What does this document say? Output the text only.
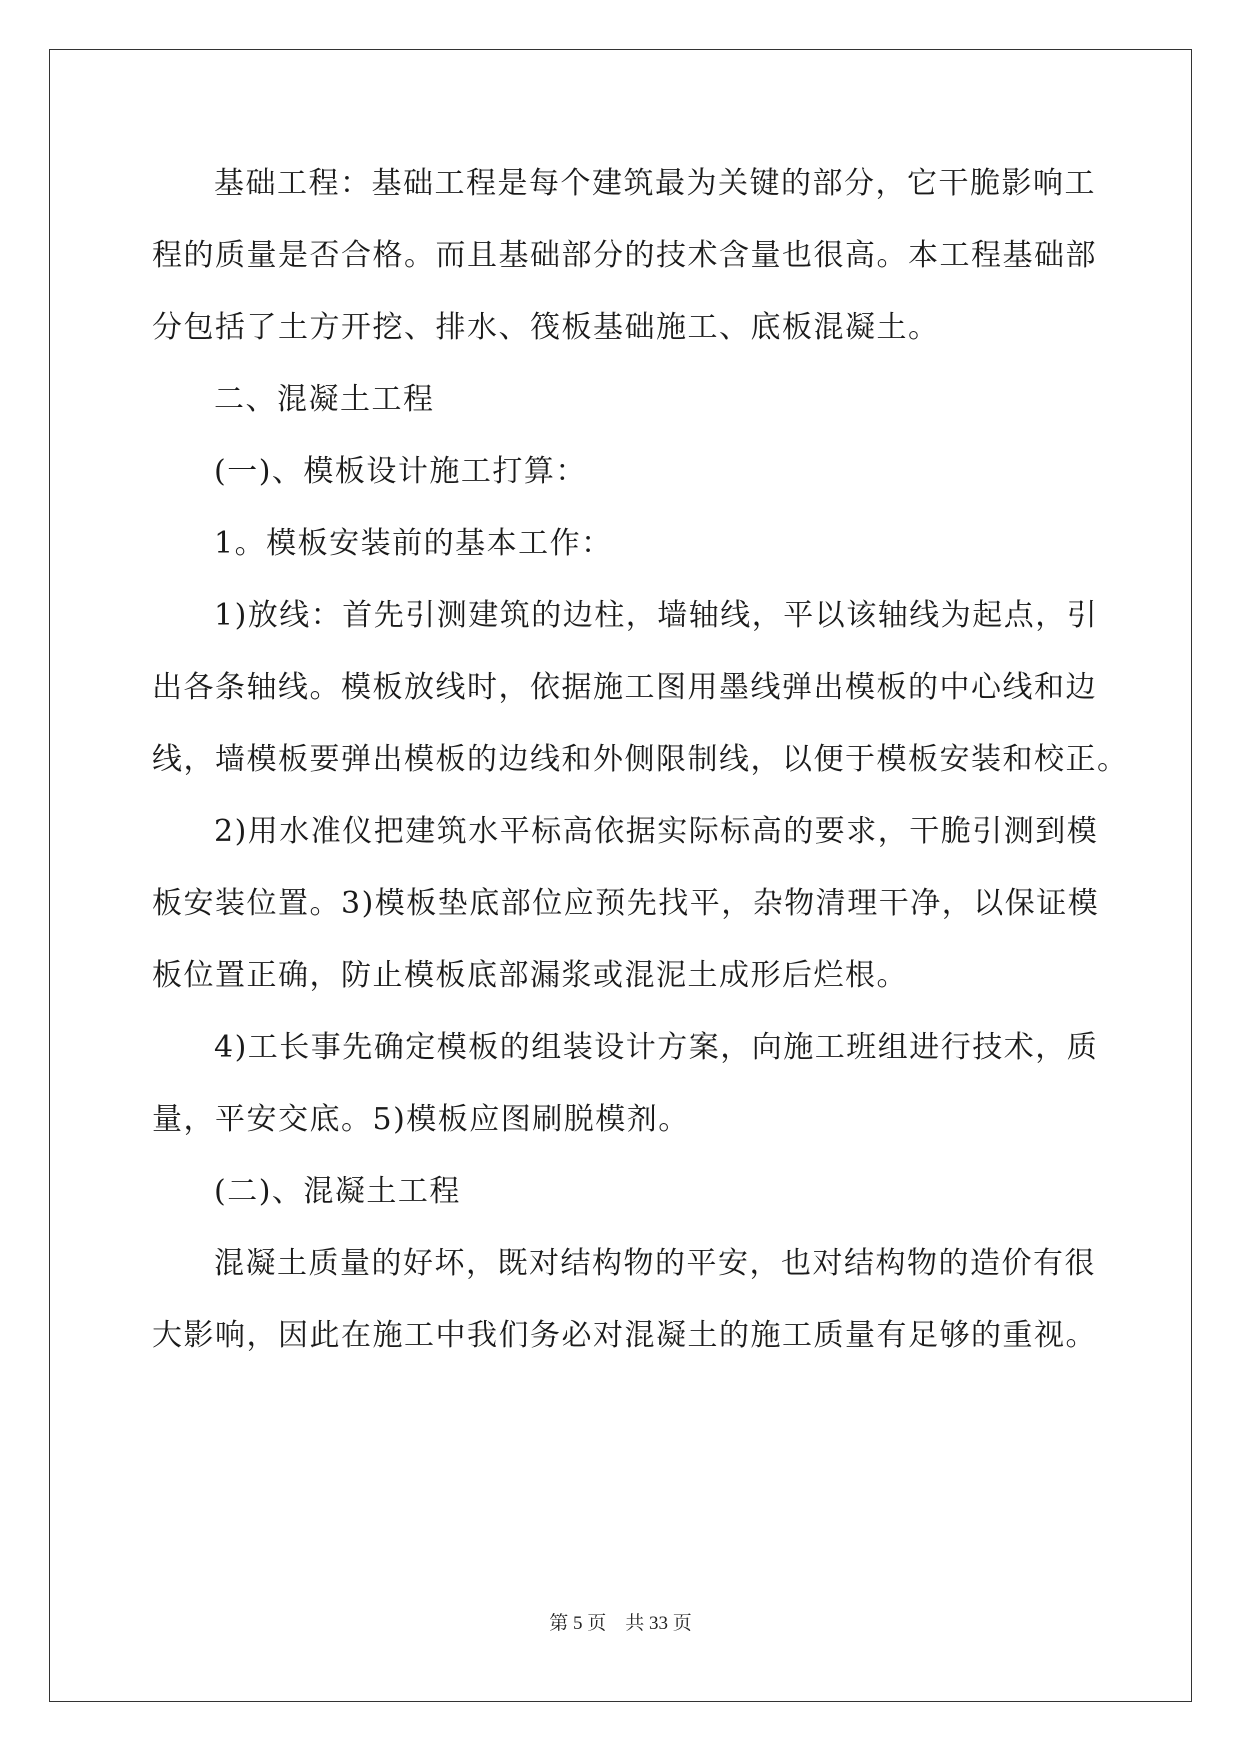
基础工程：基础工程是每个建筑最为关键的部分，它干脆影响工
程的质量是否合格。而且基础部分的技术含量也很高。本工程基础部
分包括了土方开挖、排水、筏板基础施工、底板混凝土。
二、混凝土工程
(一)、模板设计施工打算：
1。模板安装前的基本工作：
1)放线：首先引测建筑的边柱，墙轴线，平以该轴线为起点，引
出各条轴线。模板放线时，依据施工图用墨线弹出模板的中心线和边
线，墙模板要弹出模板的边线和外侧限制线，以便于模板安装和校正。
2)用水准仪把建筑水平标高依据实际标高的要求，干脆引测到模
板安装位置。3)模板垫底部位应预先找平，杂物清理干净，以保证模
板位置正确，防止模板底部漏浆或混泥土成形后烂根。
4)工长事先确定模板的组装设计方案，向施工班组进行技术，质
量，平安交底。5)模板应图刷脱模剂。
(二)、混凝土工程
混凝土质量的好坏，既对结构物的平安，也对结构物的造价有很
大影响，因此在施工中我们务必对混凝土的施工质量有足够的重视。
第 5 页 共 33 页
